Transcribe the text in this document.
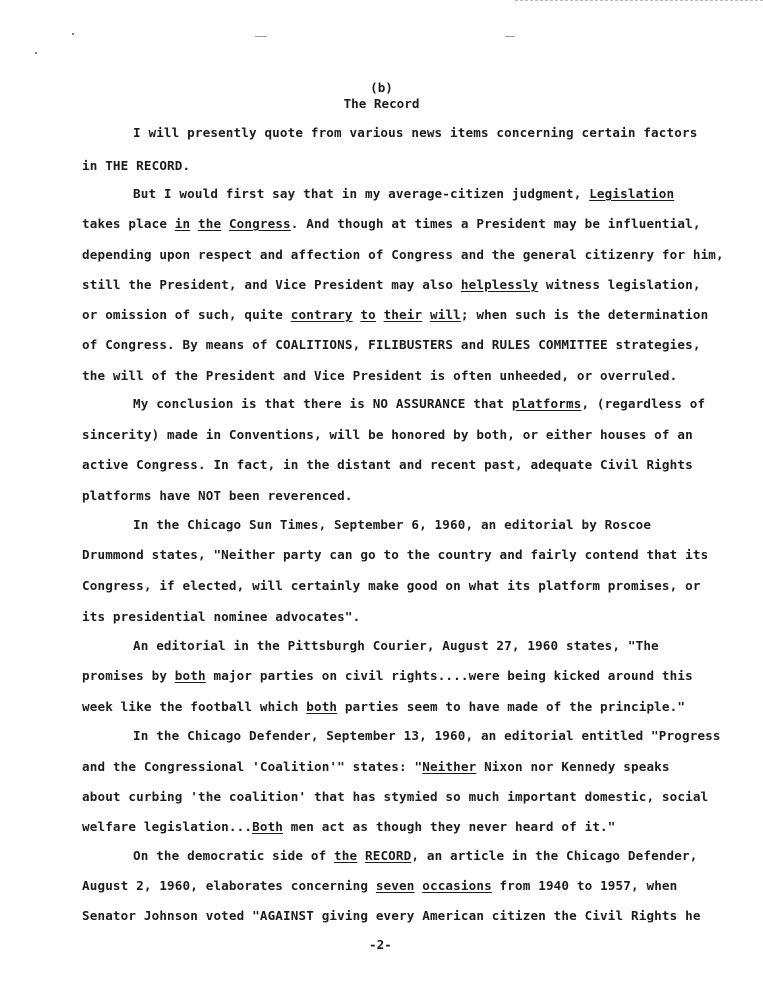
(b)
The Record
I will presently quote from various news items concerning certain factors
in THE RECORD.
But I would first say that in my average-citizen judgment, Legislation
takes place in the Congress. And though at times a President may be influential,
depending upon respect and affection of Congress and the general citizenry for him,
still the President, and Vice President may also helplessly witness legislation,
or omission of such, quite contrary to their will; when such is the determination
of Congress. By means of COALITIONS, FILIBUSTERS and RULES COMMITTEE strategies,
the will of the President and Vice President is often unheeded, or overruled.
My conclusion is that there is NO ASSURANCE that platforms, (regardless of
sincerity) made in Conventions, will be honored by both, or either houses of an
active Congress. In fact, in the distant and recent past, adequate Civil Rights
platforms have NOT been reverenced.
In the Chicago Sun Times, September 6, 1960, an editorial by Roscoe
Drummond states, "Neither party can go to the country and fairly contend that its
Congress, if elected, will certainly make good on what its platform promises, or
its presidential nominee advocates".
An editorial in the Pittsburgh Courier, August 27, 1960 states, "The
promises by both major parties on civil rights....were being kicked around this
week like the football which both parties seem to have made of the principle."
In the Chicago Defender, September 13, 1960, an editorial entitled "Progress
and the Congressional 'Coalition'" states: "Neither Nixon nor Kennedy speaks
about curbing 'the coalition' that has stymied so much important domestic, social
welfare legislation...Both men act as though they never heard of it."
On the democratic side of the RECORD, an article in the Chicago Defender,
August 2, 1960, elaborates concerning seven occasions from 1940 to 1957, when
Senator Johnson voted "AGAINST giving every American citizen the Civil Rights he
-2-
